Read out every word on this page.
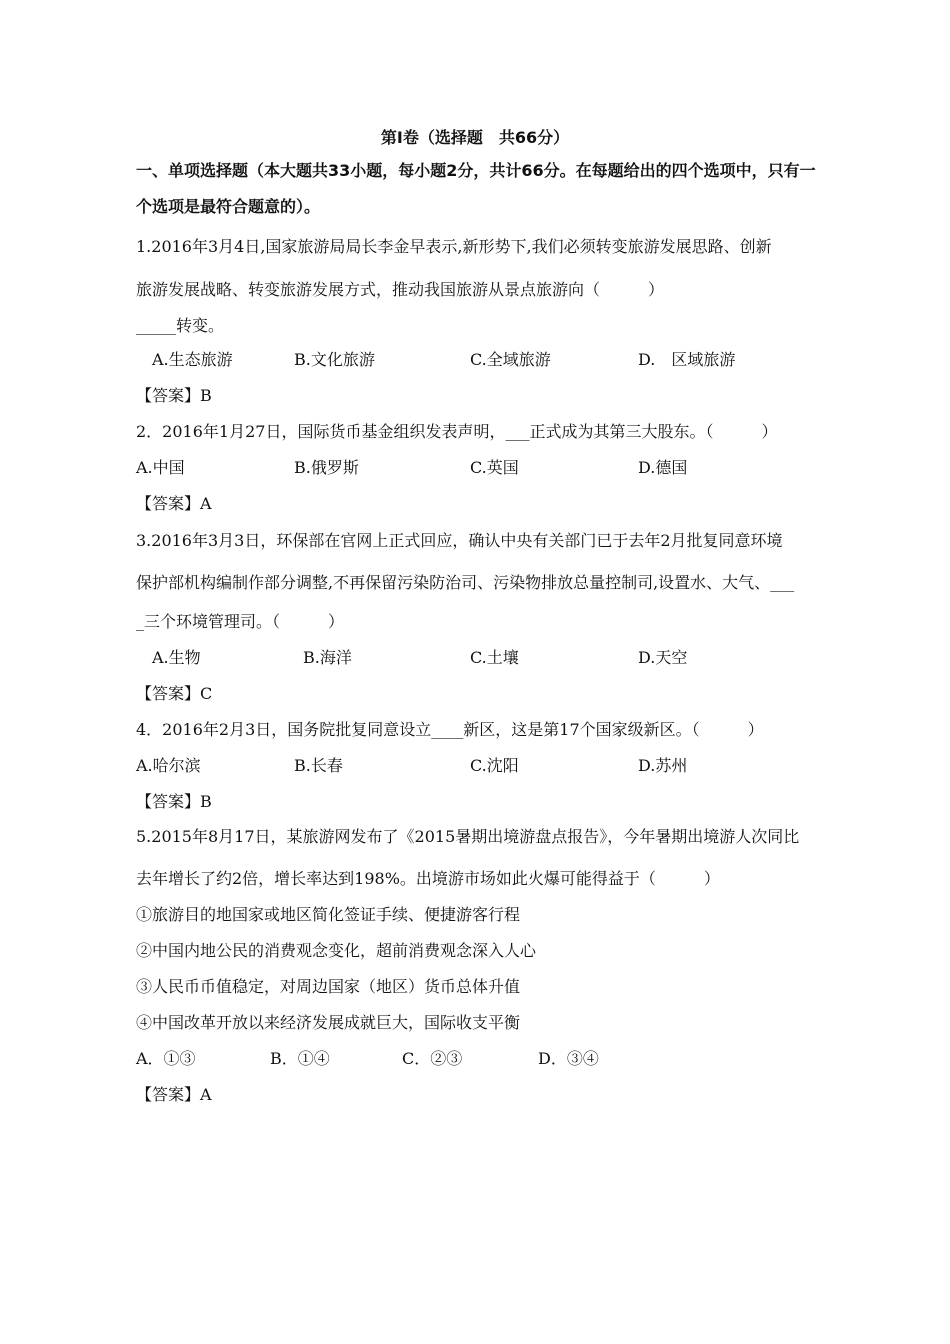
第Ⅰ卷（选择题　共66分）
一、单项选择题（本大题共33小题，每小题2分，共计66分。在每题给出的四个选项中，只有一
个选项是最符合题意的）。
1.2016年3月4日,国家旅游局局长李金早表示,新形势下,我们必须转变旅游发展思路、创新
旅游发展战略、转变旅游发展方式，推动我国旅游从景点旅游向（　　　）
_____转变。
A.生态旅游	B.文化旅游	C.全域旅游	D.　区域旅游
【答案】B
2．2016年1月27日，国际货币基金组织发表声明，___正式成为其第三大股东。（　　　）
A.中国	B.俄罗斯	C.英国	D.德国
【答案】A
3.2016年3月3日，环保部在官网上正式回应，确认中央有关部门已于去年2月批复同意环境
保护部机构编制作部分调整,不再保留污染防治司、污染物排放总量控制司,设置水、大气、___
_三个环境管理司。（　　　）
A.生物	B.海洋	C.土壤	D.天空
【答案】C
4．2016年2月3日，国务院批复同意设立____新区，这是第17个国家级新区。（　　　）
A.哈尔滨	B.长春	C.沈阳	D.苏州
【答案】B
5.2015年8月17日，某旅游网发布了《2015暑期出境游盘点报告》，今年暑期出境游人次同比
去年增长了约2倍，增长率达到198%。出境游市场如此火爆可能得益于（　　　）
①旅游目的地国家或地区简化签证手续、便捷游客行程
②中国内地公民的消费观念变化，超前消费观念深入人心
③人民币币值稳定，对周边国家（地区）货币总体升值
④中国改革开放以来经济发展成就巨大，国际收支平衡
A．①③	B．①④	C．②③	D．③④
【答案】A
